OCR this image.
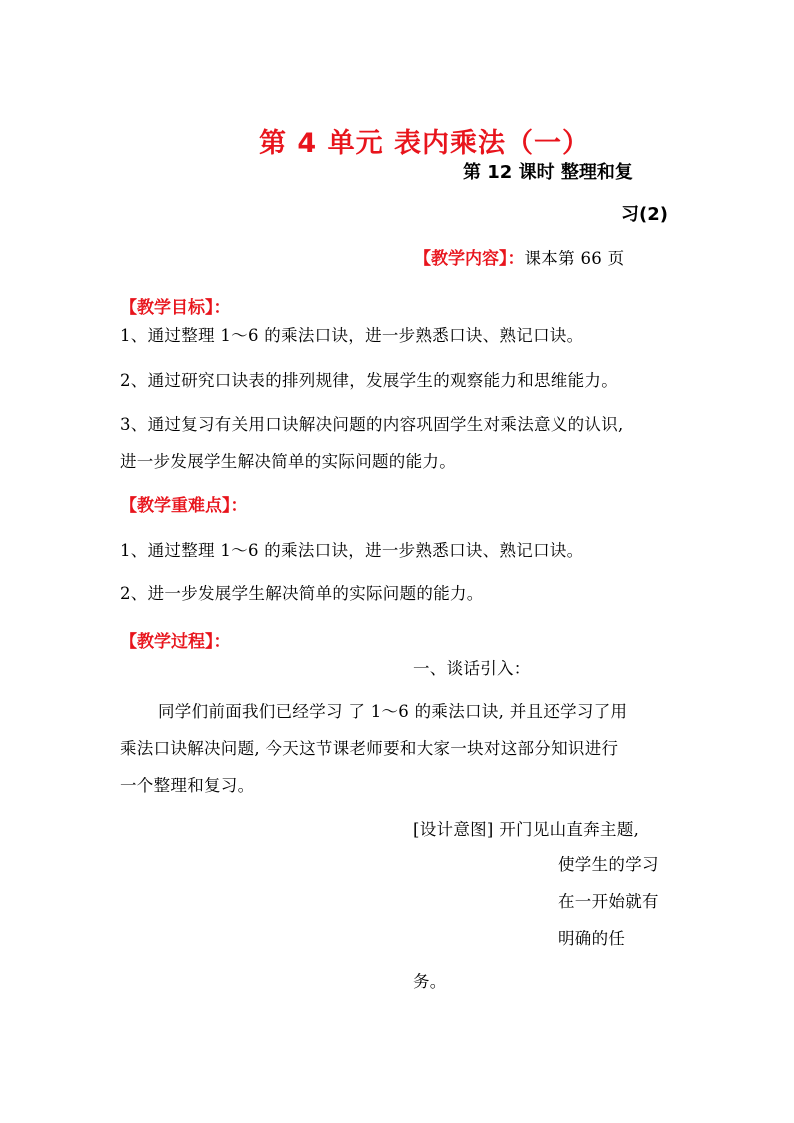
第 4 单元 表内乘法（一）
第 12 课时 整理和复
习(2)
【教学内容】：课本第 66 页
【教学目标】：
1、通过整理 1～6 的乘法口诀，进一步熟悉口诀、熟记口诀。
2、通过研究口诀表的排列规律，发展学生的观察能力和思维能力。
3、通过复习有关用口诀解决问题的内容巩固学生对乘法意义的认识,
进一步发展学生解决简单的实际问题的能力。
【教学重难点】：
1、通过整理 1～6 的乘法口诀，进一步熟悉口诀、熟记口诀。
2、进一步发展学生解决简单的实际问题的能力。
【教学过程】：
一、谈话引入：
同学们前面我们已经学习 了 1～6 的乘法口诀, 并且还学习了用
乘法口诀解决问题, 今天这节课老师要和大家一块对这部分知识进行
一个整理和复习。
[设计意图] 开门见山直奔主题,
使学生的学习
在一开始就有
明确的任
务。
